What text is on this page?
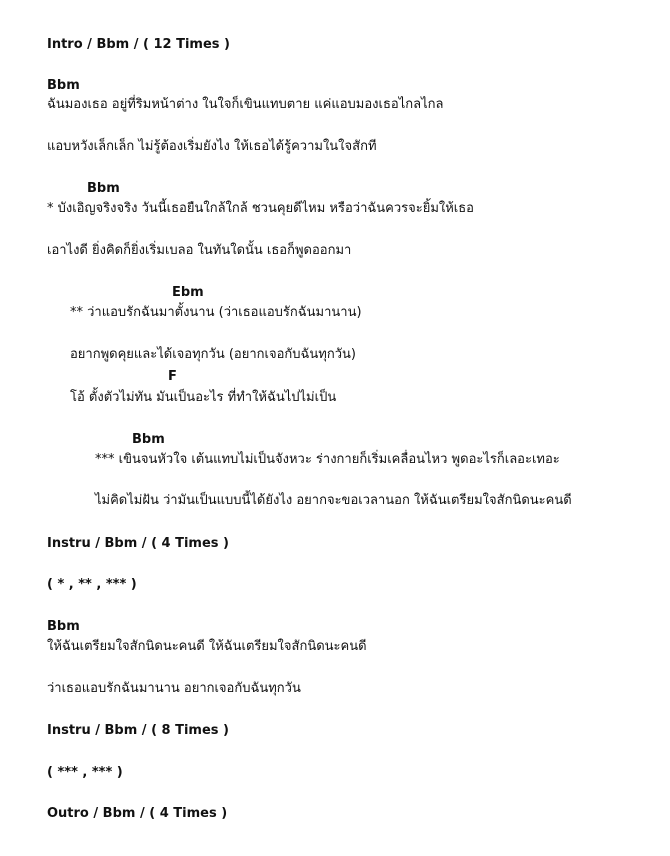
Intro / Bbm / ( 12 Times )
Bbm
ฉันมองเธอ อยู่ที่ริมหน้าต่าง ในใจก็เขินแทบตาย แค่แอบมองเธอไกลไกล
แอบหวังเล็กเล็ก ไม่รู้ต้องเริ่มยังไง ให้เธอได้รู้ความในใจสักที
Bbm
* บังเอิญจริงจริง วันนี้เธอยืนใกล้ใกล้ ชวนคุยดีไหม หรือว่าฉันควรจะยิ้มให้เธอ
เอาไงดี ยิ่งคิดก็ยิ่งเริ่มเบลอ ในทันใดนั้น เธอก็พูดออกมา
Ebm
** ว่าแอบรักฉันมาตั้งนาน (ว่าเธอแอบรักฉันมานาน)
อยากพูดคุยและได้เจอทุกวัน (อยากเจอกับฉันทุกวัน)
F
โอ้ ตั้งตัวไม่ทัน มันเป็นอะไร ที่ทำให้ฉันไปไม่เป็น
Bbm
*** เขินจนหัวใจ เต้นแทบไม่เป็นจังหวะ ร่างกายก็เริ่มเคลื่อนไหว พูดอะไรก็เลอะเทอะ
ไม่คิดไม่ฝัน ว่ามันเป็นแบบนี้ได้ยังไง อยากจะขอเวลานอก ให้ฉันเตรียมใจสักนิดนะคนดี
Instru / Bbm / ( 4 Times )
( * , ** , *** )
Bbm
ให้ฉันเตรียมใจสักนิดนะคนดี ให้ฉันเตรียมใจสักนิดนะคนดี
ว่าเธอแอบรักฉันมานาน อยากเจอกับฉันทุกวัน
Instru / Bbm / ( 8 Times )
( *** , *** )
Outro / Bbm / ( 4 Times )
